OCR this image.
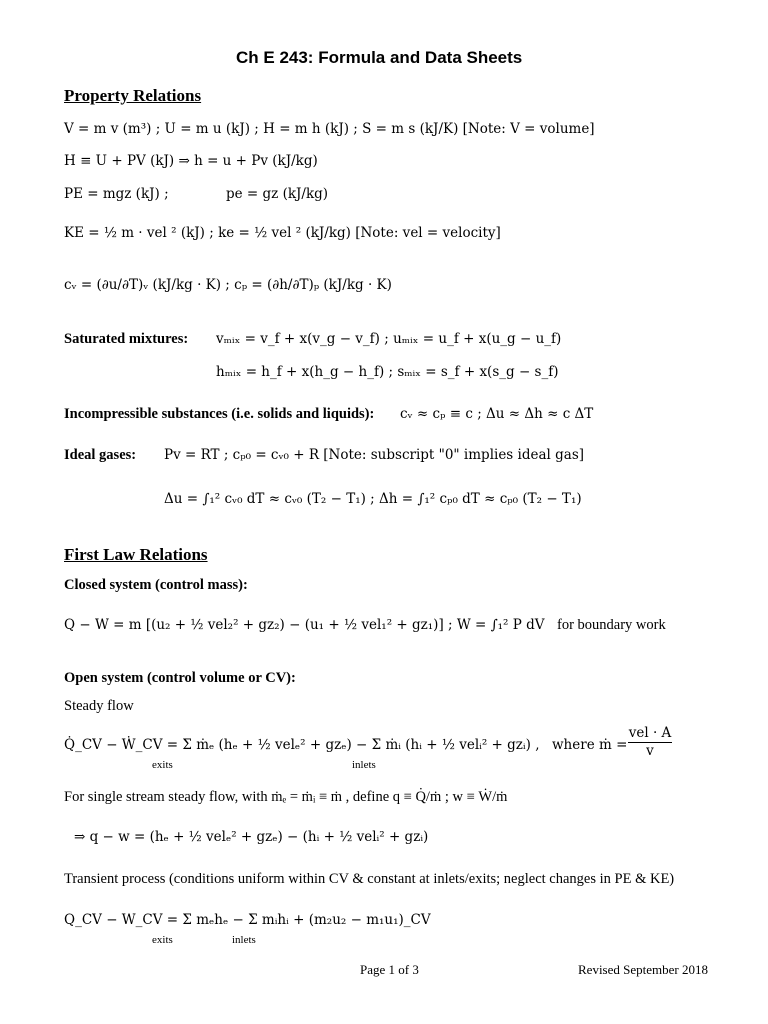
Ch E 243: Formula and Data Sheets
Property Relations
V = m v (m³) ; U = m u (kJ) ; H = m h (kJ) ; S = m s (kJ/K) [Note: V = volume]
H ≡ U + PV (kJ) ⇒ h = u + Pv (kJ/kg)
PE = mgz (kJ) ;	pe = gz (kJ/kg)
KE = ½ m · vel ² (kJ) ; ke = ½ vel ² (kJ/kg) [Note: vel = velocity]
cᵥ = (∂u/∂T)ᵥ (kJ/kg · K) ; cₚ = (∂h/∂T)ₚ (kJ/kg · K)
Saturated mixtures: vₘᵢₓ = v_f + x(v_g − v_f) ; uₘᵢₓ = u_f + x(u_g − u_f)
hₘᵢₓ = h_f + x(h_g − h_f) ; sₘᵢₓ = s_f + x(s_g − s_f)
Incompressible substances (i.e. solids and liquids): cᵥ ≈ cₚ ≡ c ; Δu ≈ Δh ≈ c ΔT
Ideal gases: Pv = RT ; cₚ₀ = cᵥ₀ + R [Note: subscript "0" implies ideal gas]
Δu = ∫₁² cᵥ₀ dT ≈ cᵥ₀ (T₂ − T₁) ; Δh = ∫₁² cₚ₀ dT ≈ cₚ₀ (T₂ − T₁)
First Law Relations
Closed system (control mass):
Q − W = m [(u₂ + ½ vel₂² + gz₂) − (u₁ + ½ vel₁² + gz₁)] ; W = ∫₁² P dV for boundary work
Open system (control volume or CV):
Steady flow
Q̇_CV − Ẇ_CV = Σ ṁₑ (hₑ + ½ velₑ² + gzₑ) − Σ ṁᵢ (hᵢ + ½ velᵢ² + gzᵢ) ,
exits	inlets
where ṁ =
vel · A
v
For single stream steady flow, with ṁₑ = ṁᵢ ≡ ṁ , define q ≡ Q̇/ṁ ; w ≡ Ẇ/ṁ
⇒ q − w = (hₑ + ½ velₑ² + gzₑ) − (hᵢ + ½ velᵢ² + gzᵢ)
Transient process (conditions uniform within CV & constant at inlets/exits; neglect changes in PE & KE)
Q_CV − W_CV = Σ mₑhₑ − Σ mᵢhᵢ + (m₂u₂ − m₁u₁)_CV
exits	inlets
Page 1 of 3	Revised September 2018
